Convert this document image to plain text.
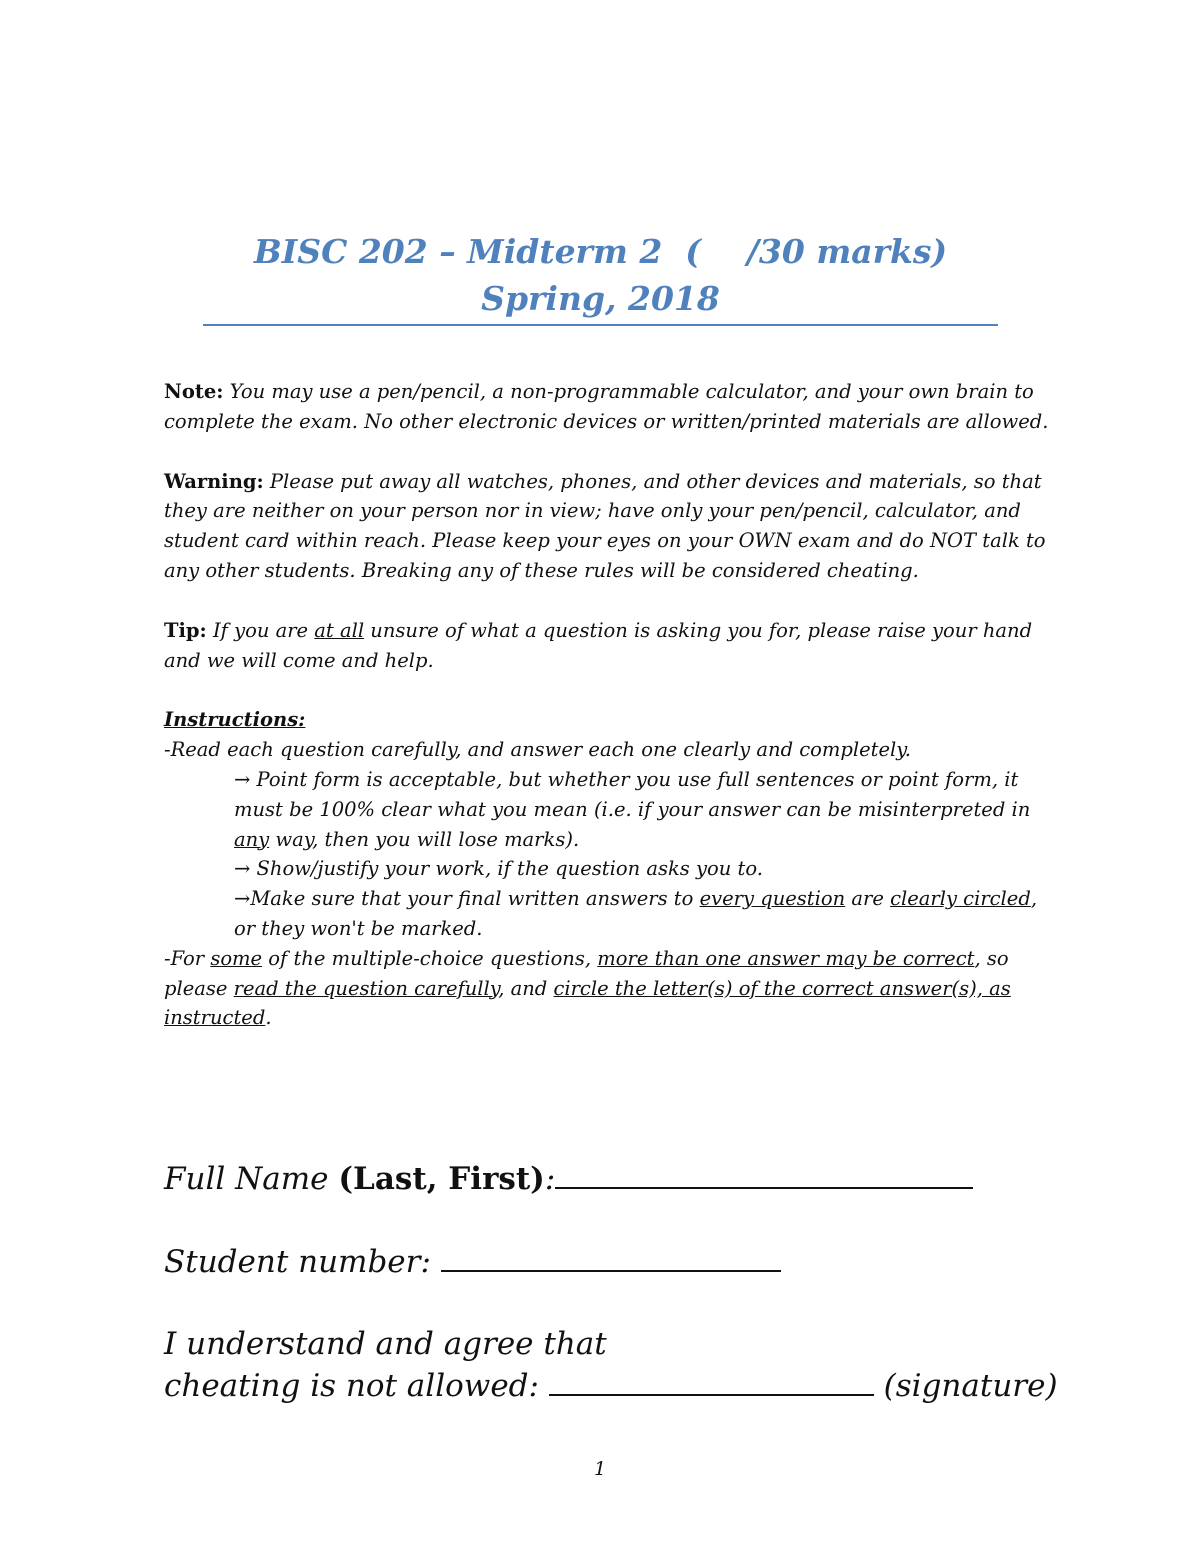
BISC 202 – Midterm 2  (    /30 marks)
Spring, 2018

Note: You may use a pen/pencil, a non-programmable calculator, and your own brain to complete the exam. No other electronic devices or written/printed materials are allowed.

Warning: Please put away all watches, phones, and other devices and materials, so that they are neither on your person nor in view; have only your pen/pencil, calculator, and student card within reach. Please keep your eyes on your OWN exam and do NOT talk to any other students. Breaking any of these rules will be considered cheating.

Tip: If you are at all unsure of what a question is asking you for, please raise your hand and we will come and help.

Instructions:

-Read each question carefully, and answer each one clearly and completely.

→ Point form is acceptable, but whether you use full sentences or point form, it must be 100% clear what you mean (i.e. if your answer can be misinterpreted in any way, then you will lose marks).

→ Show/justify your work, if the question asks you to.

→Make sure that your final written answers to every question are clearly circled, or they won't be marked.

-For some of the multiple-choice questions, more than one answer may be correct, so please read the question carefully, and circle the letter(s) of the correct answer(s), as instructed.

Full Name (Last, First):
Student number:
I understand and agree that
cheating is not allowed:	(signature)
1
